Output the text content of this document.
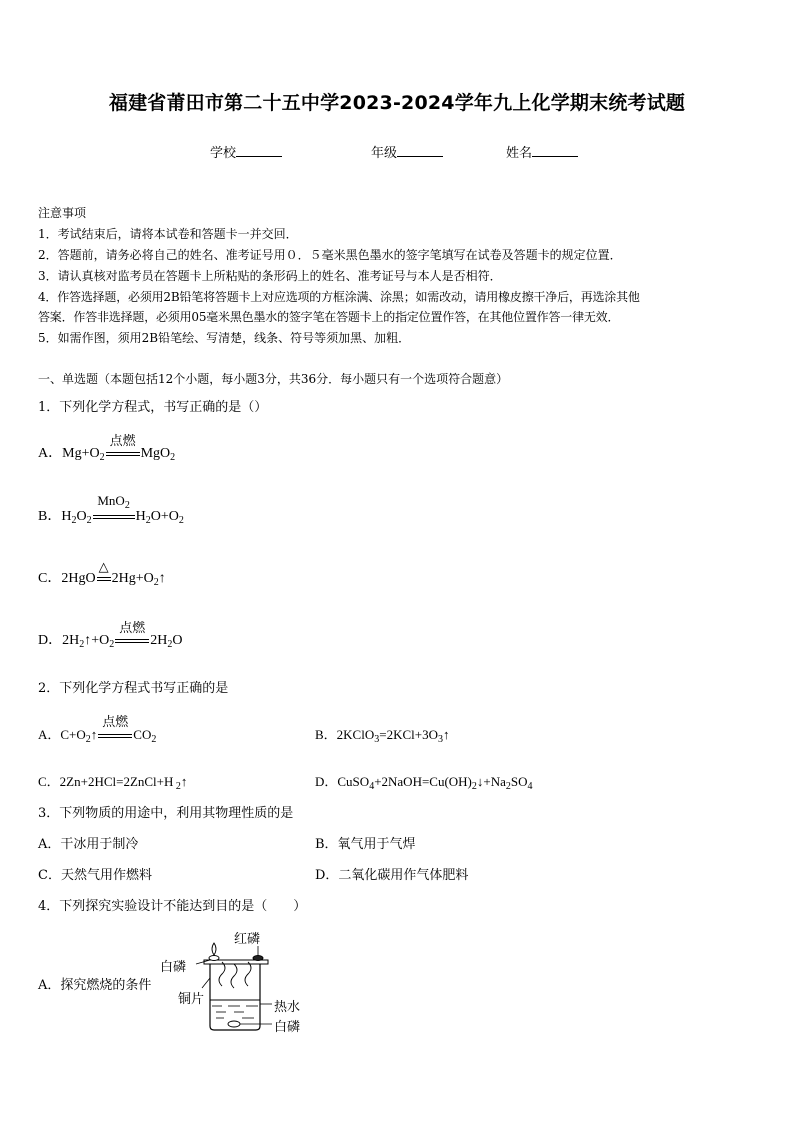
福建省莆田市第二十五中学2023-2024学年九上化学期末统考试题
学校	年级	姓名
注意事项
1．考试结束后，请将本试卷和答题卡一并交回．
2．答题前，请务必将自己的姓名、准考证号用０．５毫米黑色墨水的签字笔填写在试卷及答题卡的规定位置．
3．请认真核对监考员在答题卡上所粘贴的条形码上的姓名、准考证号与本人是否相符．
4．作答选择题，必须用2B铅笔将答题卡上对应选项的方框涂满、涂黑；如需改动，请用橡皮擦干净后，再选涂其他
答案．作答非选择题，必须用05毫米黑色墨水的签字笔在答题卡上的指定位置作答，在其他位置作答一律无效．
5．如需作图，须用2B铅笔绘、写清楚，线条、符号等须加黑、加粗．
一、单选题（本题包括12个小题，每小题3分，共36分．每小题只有一个选项符合题意）
1．下列化学方程式，书写正确的是（）
A．$Mg+O_2$
点燃
MgO$_2$
B．$H_2O_2$
MnO$_2$
$H_2O+O_2$
C．2HgO
△
$2Hg+O_2↑$
D．$2H_2↑+O_2$
点燃
$2H_2O$
2．下列化学方程式书写正确的是
A．$C+O_2↑$
点燃
$CO_2$	B．$2KClO_3=2KCl+3O_3↑$
C．2Zn+2HCl=2ZnCl+H $_2$↑	D．$CuSO_4+2NaOH=Cu(OH)_2↓+Na_2SO_4$
3．下列物质的用途中，利用其物理性质的是
A．干冰用于制冷	B．氧气用于气焊
C．天然气用作燃料	D．二氧化碳用作气体肥料
4．下列探究实验设计不能达到目的是（　　）
A．探究燃烧的条件
白磷
红磷
铜片
热水
白磷
